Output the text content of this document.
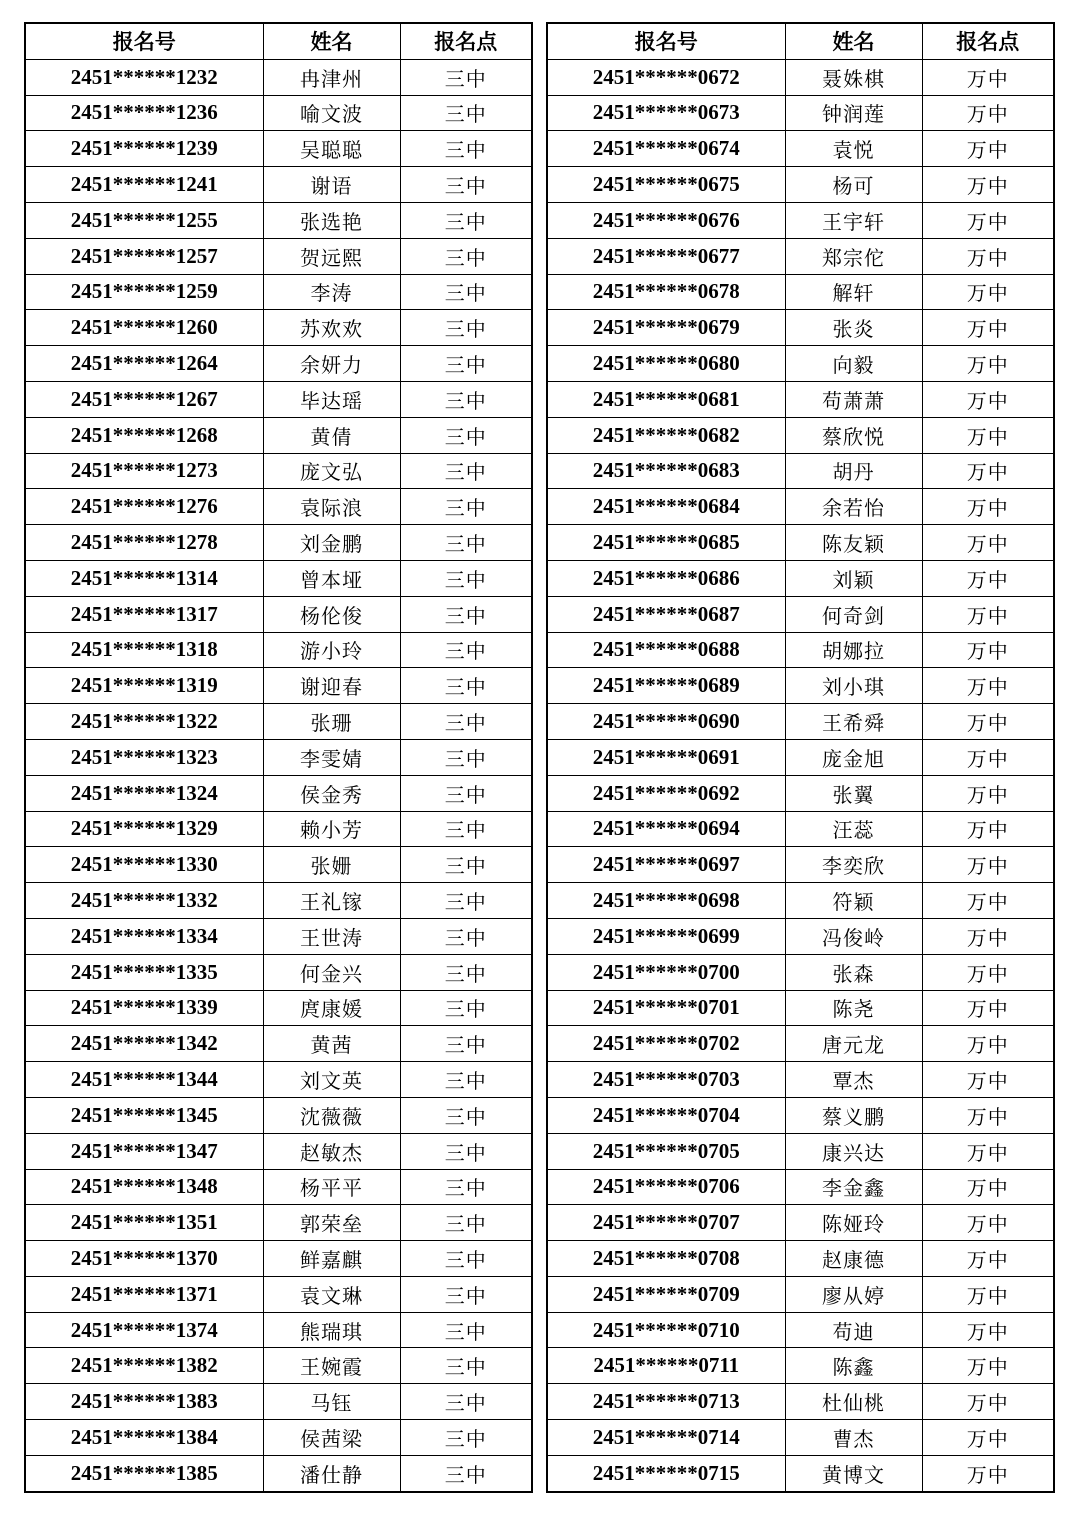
报名号	姓名	报名点
2451******1232	冉津州	三中
2451******1236	喻文波	三中
2451******1239	吴聪聪	三中
2451******1241	谢语	三中
2451******1255	张选艳	三中
2451******1257	贺远熙	三中
2451******1259	李涛	三中
2451******1260	苏欢欢	三中
2451******1264	余妍力	三中
2451******1267	毕达瑶	三中
2451******1268	黄倩	三中
2451******1273	庞文弘	三中
2451******1276	袁际浪	三中
2451******1278	刘金鹏	三中
2451******1314	曾本垭	三中
2451******1317	杨伦俊	三中
2451******1318	游小玲	三中
2451******1319	谢迎春	三中
2451******1322	张珊	三中
2451******1323	李雯婧	三中
2451******1324	侯金秀	三中
2451******1329	赖小芳	三中
2451******1330	张姗	三中
2451******1332	王礼镓	三中
2451******1334	王世涛	三中
2451******1335	何金兴	三中
2451******1339	庹康媛	三中
2451******1342	黄茜	三中
2451******1344	刘文英	三中
2451******1345	沈薇薇	三中
2451******1347	赵敏杰	三中
2451******1348	杨平平	三中
2451******1351	郭荣垒	三中
2451******1370	鲜嘉麒	三中
2451******1371	袁文琳	三中
2451******1374	熊瑞琪	三中
2451******1382	王婉霞	三中
2451******1383	马钰	三中
2451******1384	侯茜梁	三中
2451******1385	潘仕静	三中
报名号	姓名	报名点
2451******0672	聂姝棋	万中
2451******0673	钟润莲	万中
2451******0674	袁悦	万中
2451******0675	杨可	万中
2451******0676	王宇轩	万中
2451******0677	郑宗佗	万中
2451******0678	解轩	万中
2451******0679	张炎	万中
2451******0680	向毅	万中
2451******0681	苟萧萧	万中
2451******0682	蔡欣悦	万中
2451******0683	胡丹	万中
2451******0684	余若怡	万中
2451******0685	陈友颖	万中
2451******0686	刘颖	万中
2451******0687	何奇剑	万中
2451******0688	胡娜拉	万中
2451******0689	刘小琪	万中
2451******0690	王希舜	万中
2451******0691	庞金旭	万中
2451******0692	张翼	万中
2451******0694	汪蕊	万中
2451******0697	李奕欣	万中
2451******0698	符颖	万中
2451******0699	冯俊岭	万中
2451******0700	张森	万中
2451******0701	陈尧	万中
2451******0702	唐元龙	万中
2451******0703	覃杰	万中
2451******0704	蔡义鹏	万中
2451******0705	康兴达	万中
2451******0706	李金鑫	万中
2451******0707	陈娅玲	万中
2451******0708	赵康德	万中
2451******0709	廖从婷	万中
2451******0710	苟迪	万中
2451******0711	陈鑫	万中
2451******0713	杜仙桃	万中
2451******0714	曹杰	万中
2451******0715	黄博文	万中
